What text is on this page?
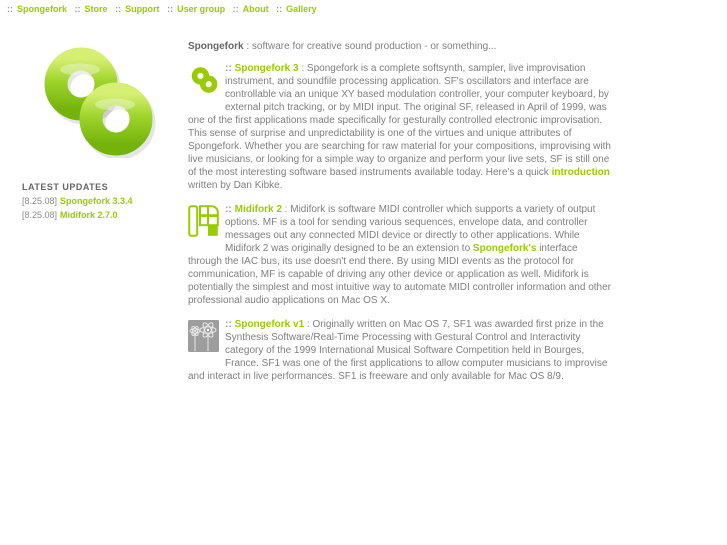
:: Spongefork :: Store :: Support :: User group :: About :: Gallery
LATEST UPDATES
[8.25.08] Spongefork 3.3.4
[8.25.08] Midifork 2.7.0
Spongefork : software for creative sound production - or something...

:: Spongefork 3 : Spongefork is a complete softsynth, sampler, live improvisation instrument, and soundfile processing application. SF's oscillators and interface are controllable via an unique XY based modulation controller, your computer keyboard, by external pitch tracking, or by MIDI input. The original SF, released in April of 1999, was one of the first applications made specifically for gesturally controlled electronic improvisation. This sense of surprise and unpredictability is one of the virtues and unique attributes of Spongefork. Whether you are searching for raw material for your compositions, improvising with live musicians, or looking for a simple way to organize and perform your live sets, SF is still one of the most interesting software based instruments available today. Here's a quick introduction written by Dan Kibke.

:: Midifork 2 : Midifork is software MIDI controller which supports a variety of output options. MF is a tool for sending various sequences, envelope data, and controller messages out any connected MIDI device or directly to other applications. While Midifork 2 was originally designed to be an extension to Spongefork's interface through the IAC bus, its use doesn't end there. By using MIDI events as the protocol for communication, MF is capable of driving any other device or application as well. Midifork is potentially the simplest and most intuitive way to automate MIDI controller information and other professional audio applications on Mac OS X.

:: Spongefork v1 : Originally written on Mac OS 7, SF1 was awarded first prize in the Synthesis Software/Real-Time Processing with Gestural Control and Interactivity category of the 1999 International Musical Software Competition held in Bourges, France. SF1 was one of the first applications to allow computer musicians to improvise and interact in live performances. SF1 is freeware and only available for Mac OS 8/9.
